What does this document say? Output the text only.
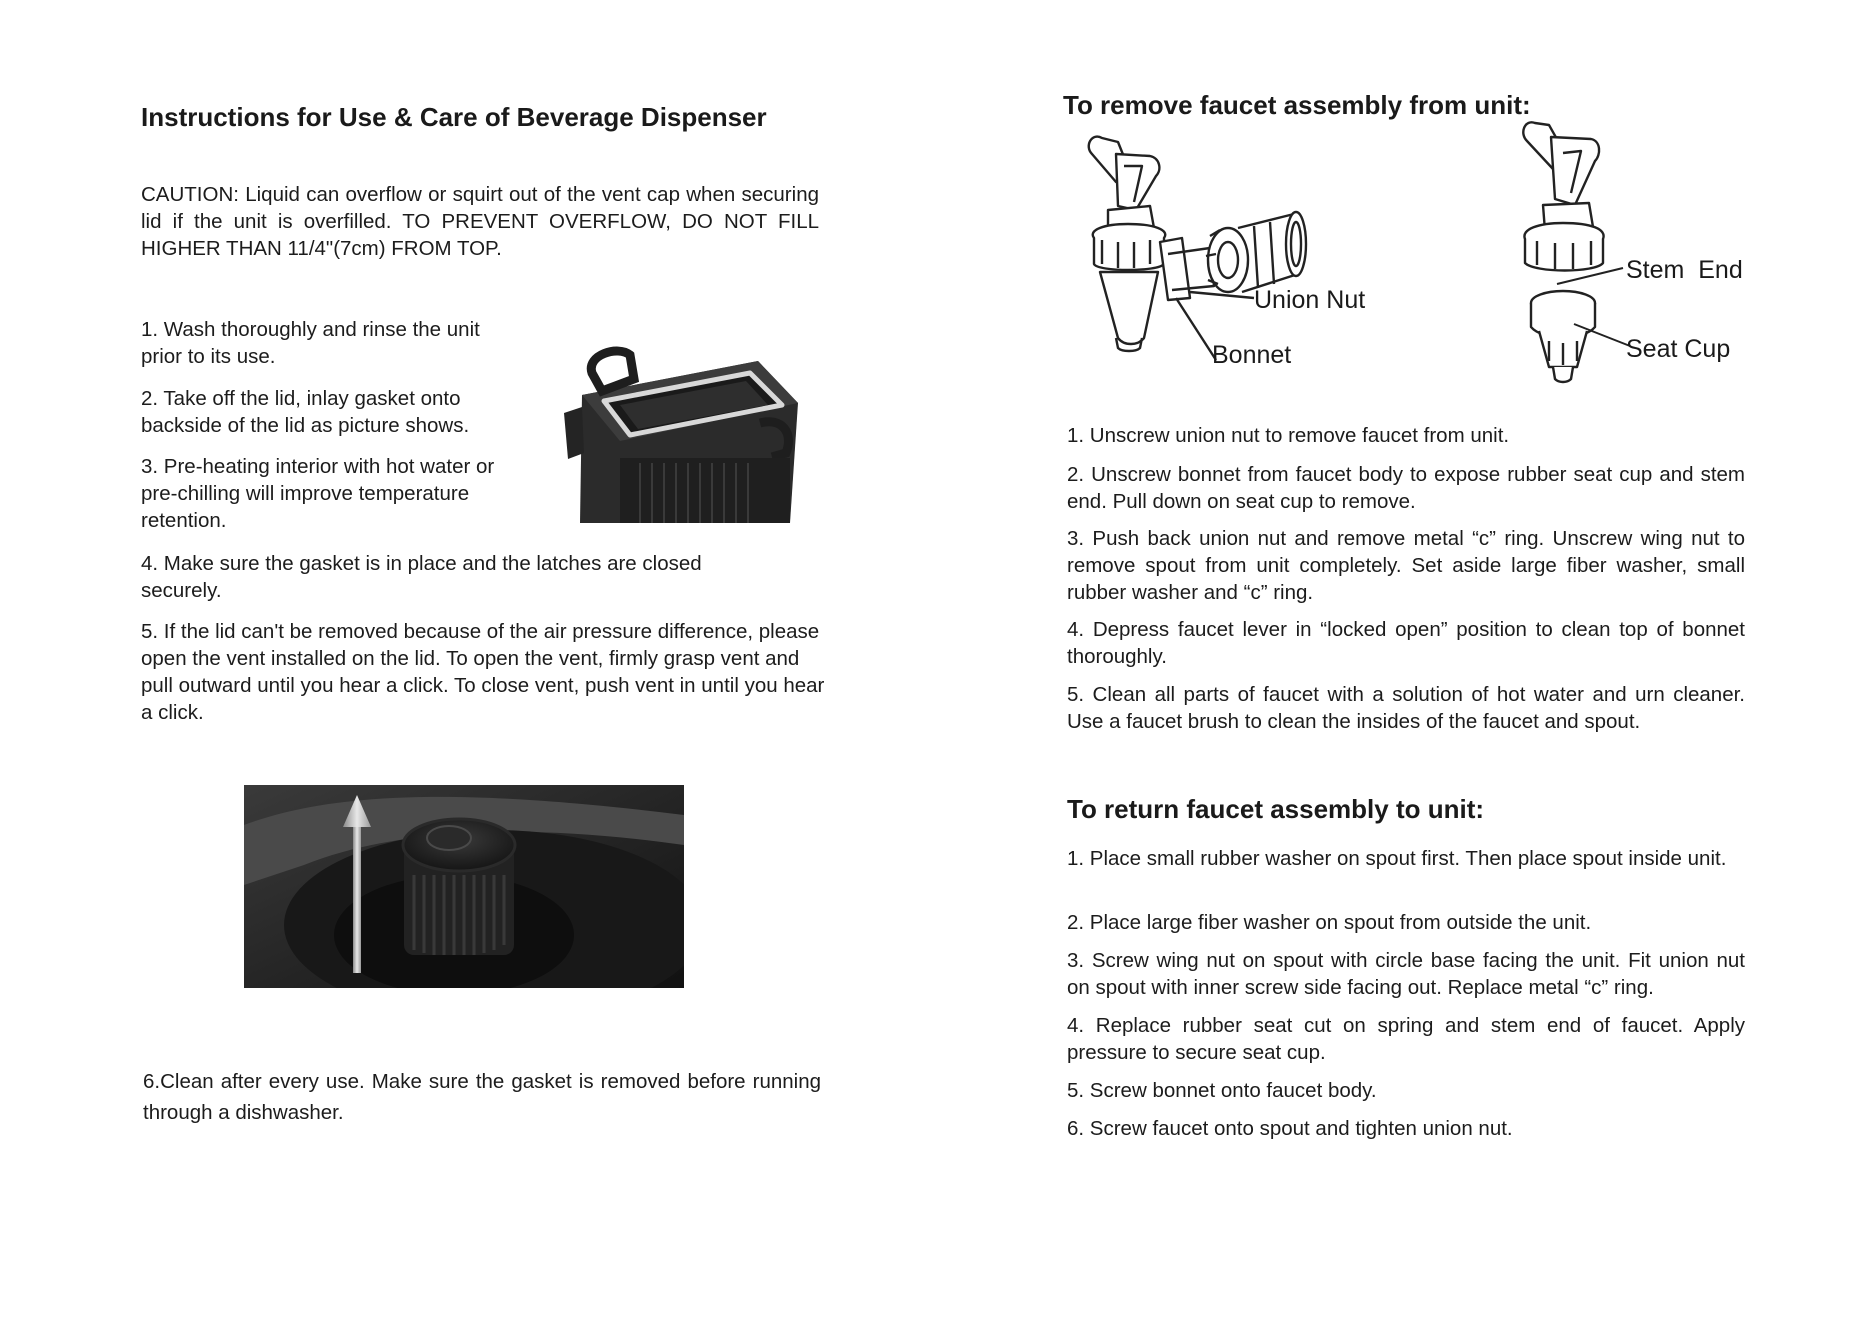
Instructions for Use & Care of Beverage Dispenser

CAUTION: Liquid can overflow or squirt out of the vent cap when securing lid if the unit is overfilled. TO PREVENT OVERFLOW, DO NOT FILL HIGHER THAN 11/4"(7cm) FROM TOP.

1. Wash thoroughly and rinse the unit prior to its use.

2. Take off the lid, inlay gasket onto backside of the lid as picture shows.

3. Pre-heating interior with hot water or pre-chilling will improve temperature retention.

4. Make sure the gasket is in place and the latches are closed securely.

5. If the lid can't be removed because of the air pressure difference, please open the vent installed on the lid. To open the vent, firmly grasp vent and pull outward until you hear a click. To close vent, push vent in until you hear a click.

6.Clean after every use. Make sure the gasket is removed before running through a dishwasher.

To remove faucet assembly from unit:
Union Nut
Bonnet
Stem  End
Seat Cup

1. Unscrew union nut to remove faucet from unit.

2. Unscrew bonnet from faucet body to expose rubber seat cup and stem end. Pull down on seat cup to remove.

3. Push back union nut and remove metal “c” ring. Unscrew wing nut to remove spout from unit completely. Set aside large fiber washer, small rubber washer and “c” ring.

4. Depress faucet lever in “locked open” position to clean top of bonnet thoroughly.

5. Clean all parts of faucet with a solution of hot water and urn cleaner. Use a faucet brush to clean the insides of the faucet and spout.

To return faucet assembly to unit:

1. Place small rubber washer on spout first. Then place spout inside unit.

2. Place large fiber washer on spout from outside the unit.

3. Screw wing nut on spout with circle base facing the unit. Fit union nut on spout with inner screw side facing out. Replace metal “c” ring.

4. Replace rubber seat cut on spring and stem end of faucet. Apply pressure to secure seat cup.

5. Screw bonnet onto faucet body.

6. Screw faucet onto spout and tighten union nut.
